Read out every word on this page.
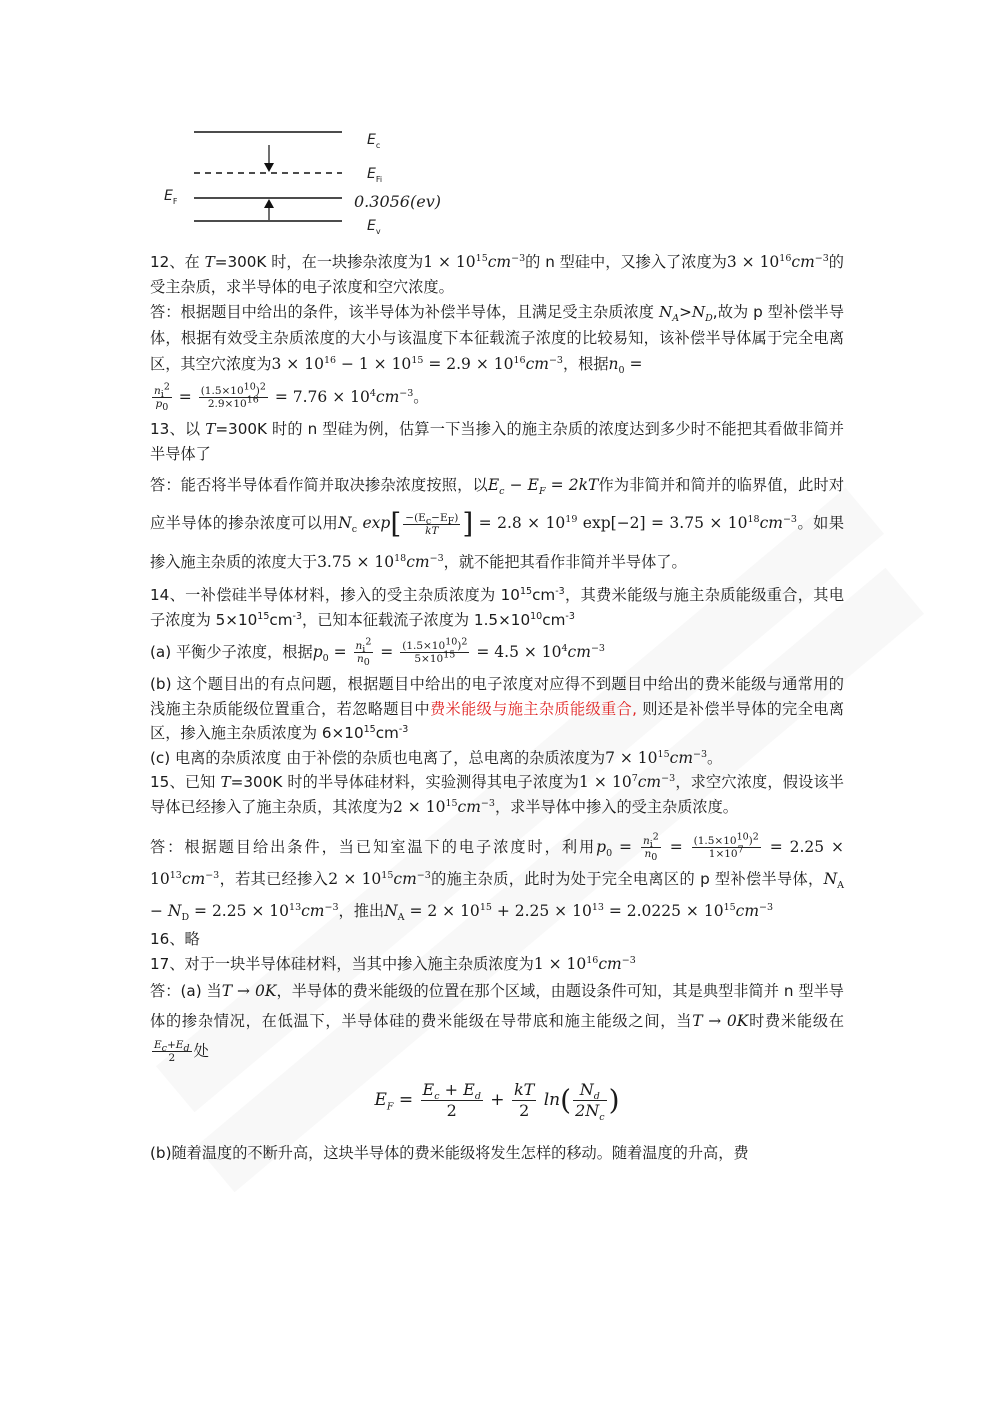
$E_c$
$E_{Fi}$
$E_F$	0.3056(ev)
$E_v$

12、在 T=300K 时，在一块掺杂浓度为$1 \times 10^{15}cm^{-3}$的 n 型硅中，又掺入了浓度为$3 \times 10^{16}cm^{-3}$的受主杂质，求半导体的电子浓度和空穴浓度。

答：根据题目中给出的条件，该半导体为补偿半导体，且满足受主杂质浓度 $N_A>N_D$,故为 p 型补偿半导体，根据有效受主杂质浓度的大小与该温度下本征载流子浓度的比较易知，该补偿半导体属于完全电离区，其空穴浓度为$3 \times 10^{16} - 1 \times 10^{15} = 2.9 \times 10^{16}cm^{-3}$，根据$n_0$ =

$\frac{n_i^2}{p_0} = \frac{(1.5\times 10^{10})^2}{2.9\times 10^{16}} = 7.76 \times 10^4cm^{-3}$。

13、以 T=300K 时的 n 型硅为例，估算一下当掺入的施主杂质的浓度达到多少时不能把其看做非简并半导体了

答：能否将半导体看作简并取决掺杂浓度按照，以$E_c - E_F = 2kT$作为非简并和简并的临界值，此时对应半导体的掺杂浓度可以用$N_c$ $\exp[ \frac{-(E_c-E_F)}{kT}$ ] = $2.8 \times 10^{19}$ $\exp[-2] = 3.75 \times 10^{18}cm^{-3}$。如果掺入施主杂质的浓度大于$3.75 \times 10^{18}cm^{-3}$，就不能把其看作非简并半导体了。

14、一补偿硅半导体材料，掺入的受主杂质浓度为 $10^{15}cm^{-3}$，其费米能级与施主杂质能级重合，其电子浓度为 $5\times 10^{15}cm^{-3}$，已知本征载流子浓度为 $1.5\times 10^{10}cm^{-3}$

(a) 平衡少子浓度，根据$p_0 = \frac{n_i^2}{n_0} = \frac{(1.5\times 10^{10})^2}{5\times 10^{15}} = 4.5 \times 10^4cm^{-3}$

(b) 这个题目出的有点问题，根据题目中给出的电子浓度对应得不到题目中给出的费米能级与通常用的浅施主杂质能级位置重合，若忽略题目中费米能级与施主杂质能级重合, 则还是补偿半导体的完全电离区，掺入施主杂质浓度为 $6\times 10^{15}cm^{-3}$

(c) 电离的杂质浓度 由于补偿的杂质也电离了，总电离的杂质浓度为$7 \times 10^{15}cm^{-3}$。

15、已知 T=300K 时的半导体硅材料，实验测得其电子浓度为$1 \times 10^7cm^{-3}$，求空穴浓度，假设该半导体已经掺入了施主杂质，其浓度为$2 \times 10^{15}cm^{-3}$，求半导体中掺入的受主杂质浓度。

答：根据题目给出条件，当已知室温下的电子浓度时，利用$p_0 = \frac{n_i^2}{n_0} = \frac{(1.5\times 10^{10})^2}{1\times 10^7} = 2.25 \times 10^{13}cm^{-3}$，若其已经掺入$2 \times 10^{15}cm^{-3}$的施主杂质，此时为处于完全电离区的 p 型补偿半导体，$N_A - N_D = 2.25 \times 10^{13}cm^{-3}$，推出$N_A = 2 \times 10^{15} + 2.25 \times 10^{13} = 2.0225 \times 10^{15}cm^{-3}$

16、略

17、对于一块半导体硅材料，当其中掺入施主杂质浓度为$1 \times 10^{16}cm^{-3}$

答：(a) 当T → 0K，半导体的费米能级的位置在那个区域，由题设条件可知，其是典型非简并 n 型半导体的掺杂情况，在低温下，半导体硅的费米能级在导带底和施主能级之间，当T → 0K时费米能级在
$\frac{E_c+E_d}{2}$ 处

$E_F = \frac{E_c + E_d}{2} + \frac{kT}{2} \ln( \frac{N_d}{2N_c}$ )

(b)随着温度的不断升高，这块半导体的费米能级将发生怎样的移动。随着温度的升高，费
